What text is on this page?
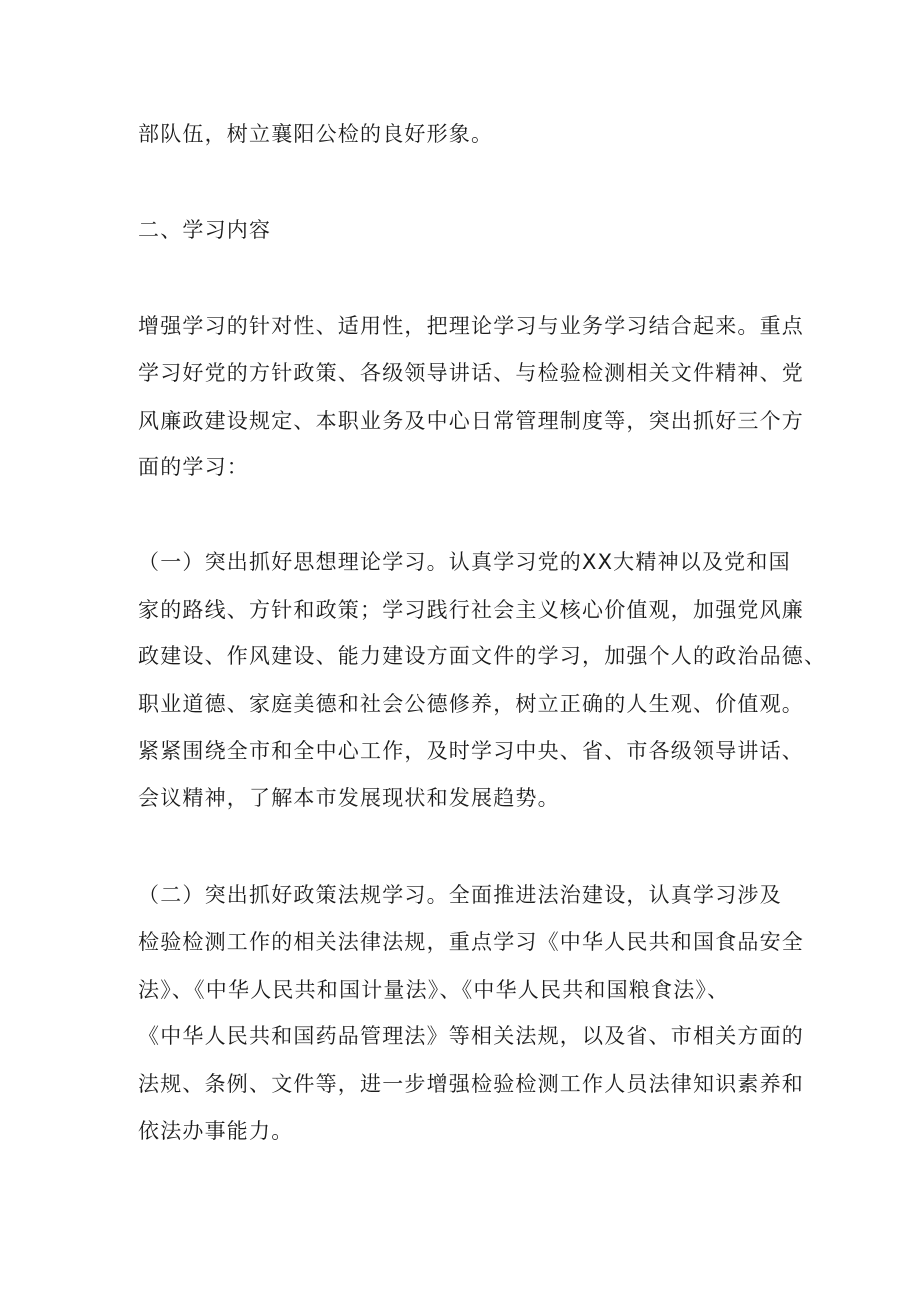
部队伍，树立襄阳公检的良好形象。
二、学习内容
增强学习的针对性、适用性，把理论学习与业务学习结合起来。重点
学习好党的方针政策、各级领导讲话、与检验检测相关文件精神、党
风廉政建设规定、本职业务及中心日常管理制度等，突出抓好三个方
面的学习：
（一）突出抓好思想理论学习。认真学习党的XX大精神以及党和国
家的路线、方针和政策；学习践行社会主义核心价值观，加强党风廉
政建设、作风建设、能力建设方面文件的学习，加强个人的政治品德、
职业道德、家庭美德和社会公德修养，树立正确的人生观、价值观。
紧紧围绕全市和全中心工作，及时学习中央、省、市各级领导讲话、
会议精神，了解本市发展现状和发展趋势。
（二）突出抓好政策法规学习。全面推进法治建设，认真学习涉及
检验检测工作的相关法律法规，重点学习《中华人民共和国食品安全
法》、《中华人民共和国计量法》、《中华人民共和国粮食法》、
《中华人民共和国药品管理法》等相关法规，以及省、市相关方面的
法规、条例、文件等，进一步增强检验检测工作人员法律知识素养和
依法办事能力。
